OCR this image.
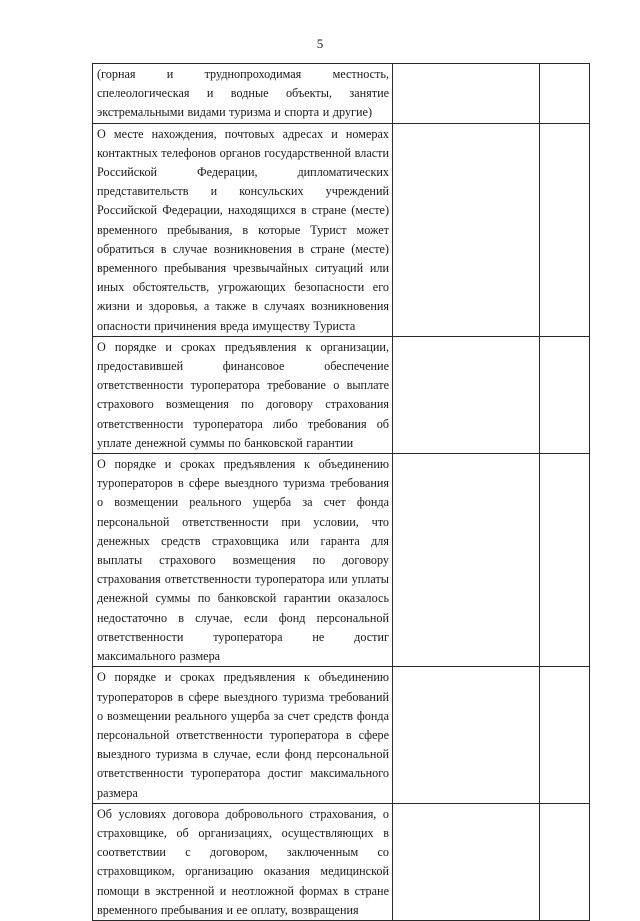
5
(горная и труднопроходимая местность, спелеологическая и водные объекты, занятие экстремальными видами туризма и спорта и другие)		

О месте нахождения, почтовых адресах и номерах контактных телефонов органов государственной власти Российской Федерации, дипломатических представительств и консульских учреждений Российской Федерации, находящихся в стране (месте) временного пребывания, в которые Турист может обратиться в случае возникновения в стране (месте) временного пребывания чрезвычайных ситуаций или иных обстоятельств, угрожающих безопасности его жизни и здоровья, а также в случаях возникновения опасности причинения вреда имуществу Туриста		

О порядке и сроках предъявления к организации, предоставившей финансовое обеспечение ответственности туроператора требование о выплате страхового возмещения по договору страхования ответственности туроператора либо требования об уплате денежной суммы по банковской гарантии		

О порядке и сроках предъявления к объединению туроператоров в сфере выездного туризма требования о возмещении реального ущерба за счет фонда персональной ответственности при условии, что денежных средств страховщика или гаранта для выплаты страхового возмещения по договору страхования ответственности туроператора или уплаты денежной суммы по банковской гарантии оказалось недостаточно в случае, если фонд персональной ответственности туроператора не достиг максимального размера		

О порядке и сроках предъявления к объединению туроператоров в сфере выездного туризма требований о возмещении реального ущерба за счет средств фонда персональной ответственности туроператора в сфере выездного туризма в случае, если фонд персональной ответственности туроператора достиг максимального размера		

Об условиях договора добровольного страхования, о страховщике, об организациях, осуществляющих в соответствии с договором, заключенным со страховщиком, организацию оказания медицинской помощи в экстренной и неотложной формах в стране временного пребывания и ее оплату, возвращения		
